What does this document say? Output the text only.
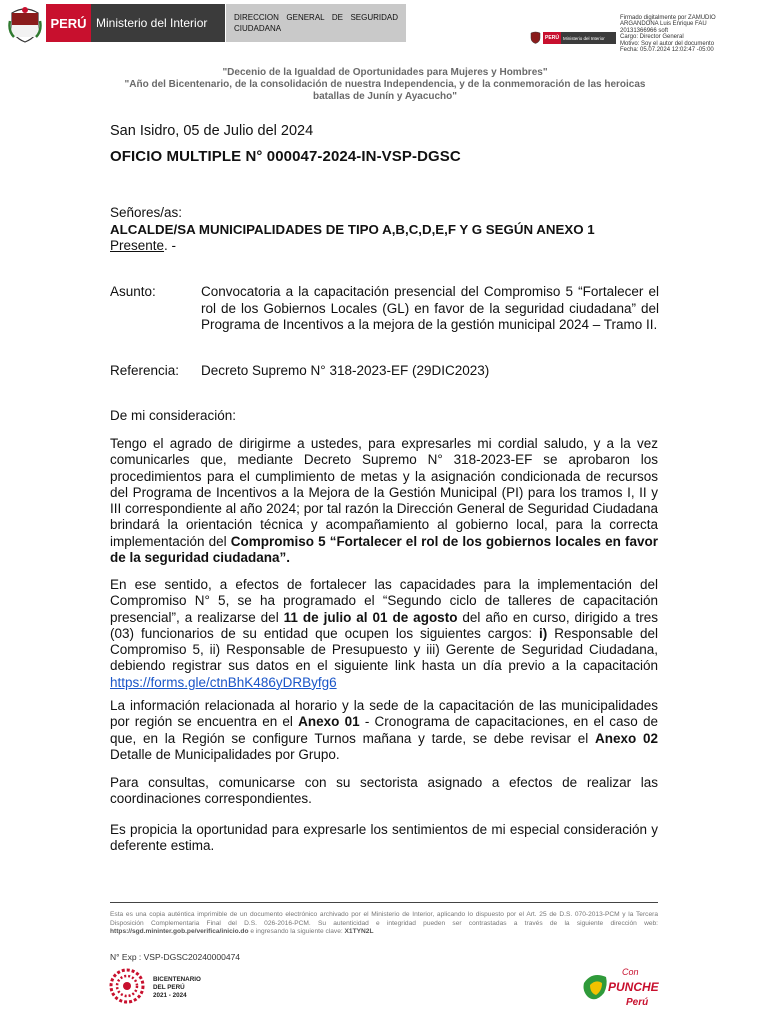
PERÚ Ministerio del Interior	DIRECCION GENERAL DE SEGURIDAD CIUDADANA
PERÚ Ministerio del Interior
Firmado digitalmente por ZAMUDIO
ARGANDONA Luis Enrique FAU
20131366966 soft
Cargo: Director General
Motivo: Soy el autor del documento
Fecha: 05.07.2024 12:02:47 -05:00
"Decenio de la Igualdad de Oportunidades para Mujeres y Hombres"
"Año del Bicentenario, de la consolidación de nuestra Independencia, y de la conmemoración de las heroicas
batallas de Junín y Ayacucho"
San Isidro, 05 de Julio del 2024
OFICIO MULTIPLE N° 000047-2024-IN-VSP-DGSC
Señores/as:
ALCALDE/SA MUNICIPALIDADES DE TIPO A,B,C,D,E,F Y G SEGÚN ANEXO 1
Presente. -
Asunto:	Convocatoria a la capacitación presencial del Compromiso 5 “Fortalecer el rol de los Gobiernos Locales (GL) en favor de la seguridad ciudadana” del Programa de Incentivos a la mejora de la gestión municipal 2024 – Tramo II.
Referencia: Decreto Supremo N° 318-2023-EF (29DIC2023)
De mi consideración:
Tengo el agrado de dirigirme a ustedes, para expresarles mi cordial saludo, y a la vez comunicarles que, mediante Decreto Supremo N° 318-2023-EF se aprobaron los procedimientos para el cumplimiento de metas y la asignación condicionada de recursos del Programa de Incentivos a la Mejora de la Gestión Municipal (PI) para los tramos I, II y III correspondiente al año 2024; por tal razón la Dirección General de Seguridad Ciudadana brindará la orientación técnica y acompañamiento al gobierno local, para la correcta implementación del Compromiso 5 “Fortalecer el rol de los gobiernos locales en favor de la seguridad ciudadana”.
En ese sentido, a efectos de fortalecer las capacidades para la implementación del Compromiso N° 5, se ha programado el “Segundo ciclo de talleres de capacitación presencial”, a realizarse del 11 de julio al 01 de agosto del año en curso, dirigido a tres (03) funcionarios de su entidad que ocupen los siguientes cargos: i) Responsable del Compromiso 5, ii) Responsable de Presupuesto y iii) Gerente de Seguridad Ciudadana, debiendo registrar sus datos en el siguiente link hasta un día previo a la capacitación https://forms.gle/ctnBhK486yDRByfg6
La información relacionada al horario y la sede de la capacitación de las municipalidades por región se encuentra en el Anexo 01 - Cronograma de capacitaciones, en el caso de que, en la Región se configure Turnos mañana y tarde, se debe revisar el Anexo 02 Detalle de Municipalidades por Grupo.
Para consultas, comunicarse con su sectorista asignado a efectos de realizar las coordinaciones correspondientes.
Es propicia la oportunidad para expresarle los sentimientos de mi especial consideración y deferente estima.
Esta es una copia auténtica imprimible de un documento electrónico archivado por el Ministerio de Interior, aplicando lo dispuesto por el Art. 25 de D.S. 070-2013-PCM y la Tercera Disposición Complementaria Final del D.S. 026-2016-PCM. Su autenticidad e integridad pueden ser contrastadas a través de la siguiente dirección web: https://sgd.mininter.gob.pe/verifica/inicio.do e ingresando la siguiente clave: X1TYN2L
N° Exp : VSP-DGSC20240000474
BICENTENARIO
DEL PERÚ
2021 - 2024
Con
PUNCHE
Perú
